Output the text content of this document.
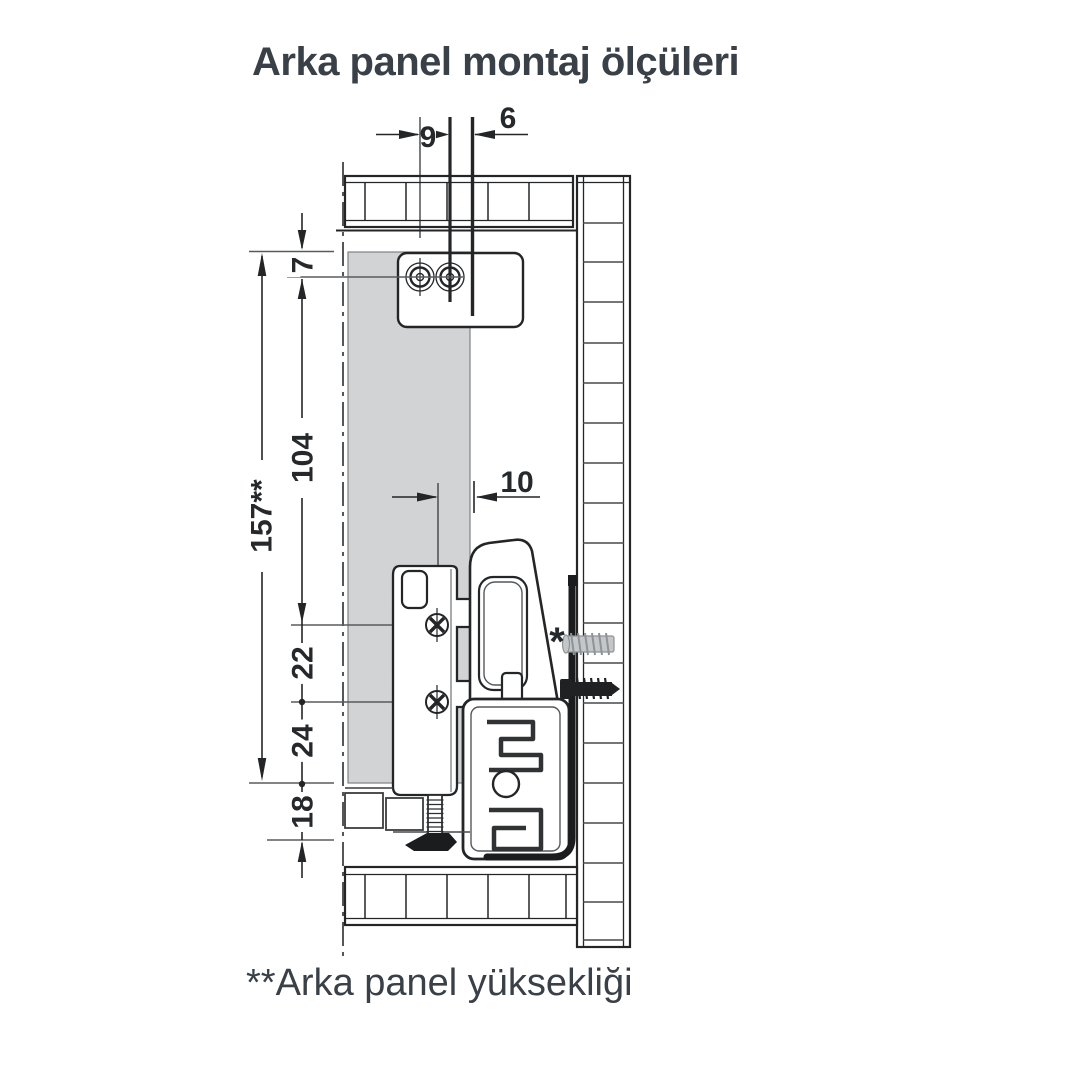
Arka panel montaj ölçüleri
9
6
10
7
104
22
24
18
157**
*
**Arka panel yüksekliği
